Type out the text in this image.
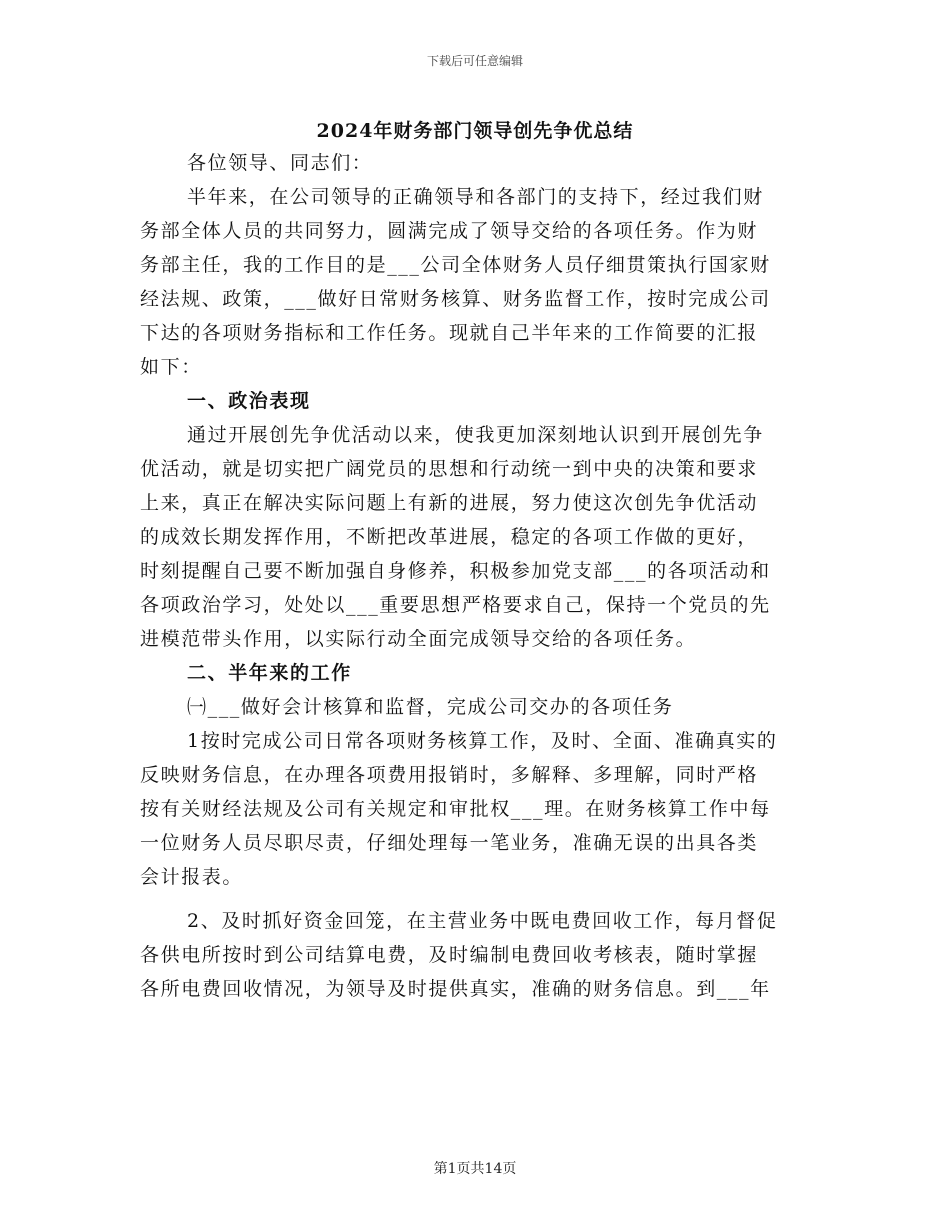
下载后可任意编辑
2024年财务部门领导创先争优总结
各位领导、同志们：
半年来，在公司领导的正确领导和各部门的支持下，经过我们财
务部全体人员的共同努力，圆满完成了领导交给的各项任务。作为财
务部主任，我的工作目的是___公司全体财务人员仔细贯策执行国家财
经法规、政策，___做好日常财务核算、财务监督工作，按时完成公司
下达的各项财务指标和工作任务。现就自己半年来的工作简要的汇报
如下：
一、政治表现
通过开展创先争优活动以来，使我更加深刻地认识到开展创先争
优活动，就是切实把广阔党员的思想和行动统一到中央的决策和要求
上来，真正在解决实际问题上有新的进展，努力使这次创先争优活动
的成效长期发挥作用，不断把改革进展，稳定的各项工作做的更好，
时刻提醒自己要不断加强自身修养，积极参加党支部___的各项活动和
各项政治学习，处处以___重要思想严格要求自己，保持一个党员的先
进模范带头作用，以实际行动全面完成领导交给的各项任务。
二、半年来的工作
㈠___做好会计核算和监督，完成公司交办的各项任务
1按时完成公司日常各项财务核算工作，及时、全面、准确真实的
反映财务信息，在办理各项费用报销时，多解释、多理解，同时严格
按有关财经法规及公司有关规定和审批权___理。在财务核算工作中每
一位财务人员尽职尽责，仔细处理每一笔业务，准确无误的出具各类
会计报表。
2、及时抓好资金回笼，在主营业务中既电费回收工作，每月督促
各供电所按时到公司结算电费，及时编制电费回收考核表，随时掌握
各所电费回收情况，为领导及时提供真实，准确的财务信息。到___年
第1页共14页
